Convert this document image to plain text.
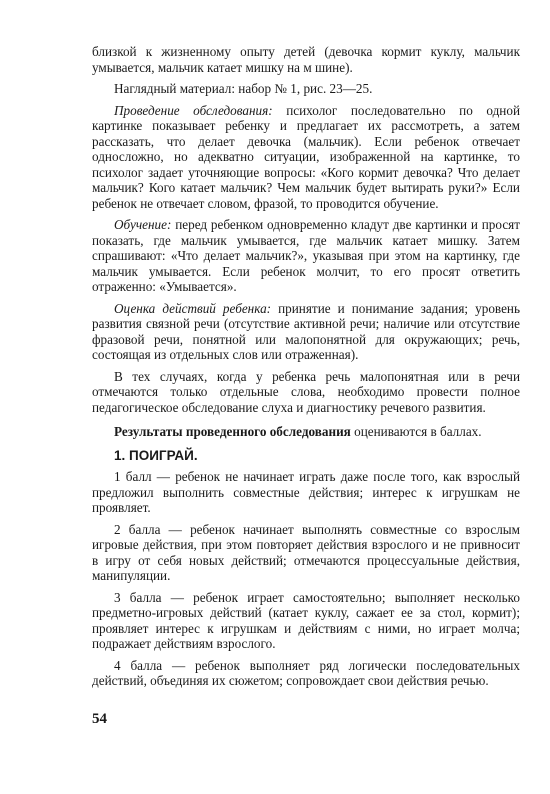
близкой к жизненному опыту детей (девочка кормит куклу, мальчик умывается, мальчик катает мишку на м шине).

Наглядный материал: набор № 1, рис. 23—25.

Проведение обследования: психолог последовательно по одной картинке показывает ребенку и предлагает их рассмотреть, а затем рассказать, что делает девочка (мальчик). Если ребенок отвечает односложно, но адекватно ситуации, изображенной на картинке, то психолог задает уточняющие вопросы: «Кого кормит девочка? Что делает мальчик? Кого катает мальчик? Чем мальчик будет вытирать руки?» Если ребенок не отвечает словом, фразой, то проводится обучение.

Обучение: перед ребенком одновременно кладут две картинки и просят показать, где мальчик умывается, где мальчик катает мишку. Затем спрашивают: «Что делает мальчик?», указывая при этом на картинку, где мальчик умывается. Если ребенок молчит, то его просят ответить отраженно: «Умывается».

Оценка действий ребенка: принятие и понимание задания; уровень развития связной речи (отсутствие активной речи; наличие или отсутствие фразовой речи, понятной или малопонятной для окружающих; речь, состоящая из отдельных слов или отраженная).

В тех случаях, когда у ребенка речь малопонятная или в речи отмечаются только отдельные слова, необходимо провести полное педагогическое обследование слуха и диагностику речевого развития.

Результаты проведенного обследования оцениваются в баллах.

1. ПОИГРАЙ.

1 балл — ребенок не начинает играть даже после того, как взрослый предложил выполнить совместные действия; интерес к игрушкам не проявляет.

2 балла — ребенок начинает выполнять совместные со взрослым игровые действия, при этом повторяет действия взрослого и не привносит в игру от себя новых действий; отмечаются процессуальные действия, манипуляции.

3 балла — ребенок играет самостоятельно; выполняет несколько предметно-игровых действий (катает куклу, сажает ее за стол, кормит); проявляет интерес к игрушкам и действиям с ними, но играет молча; подражает действиям взрослого.

4 балла — ребенок выполняет ряд логически последовательных действий, объединяя их сюжетом; сопровождает свои действия речью.

54
